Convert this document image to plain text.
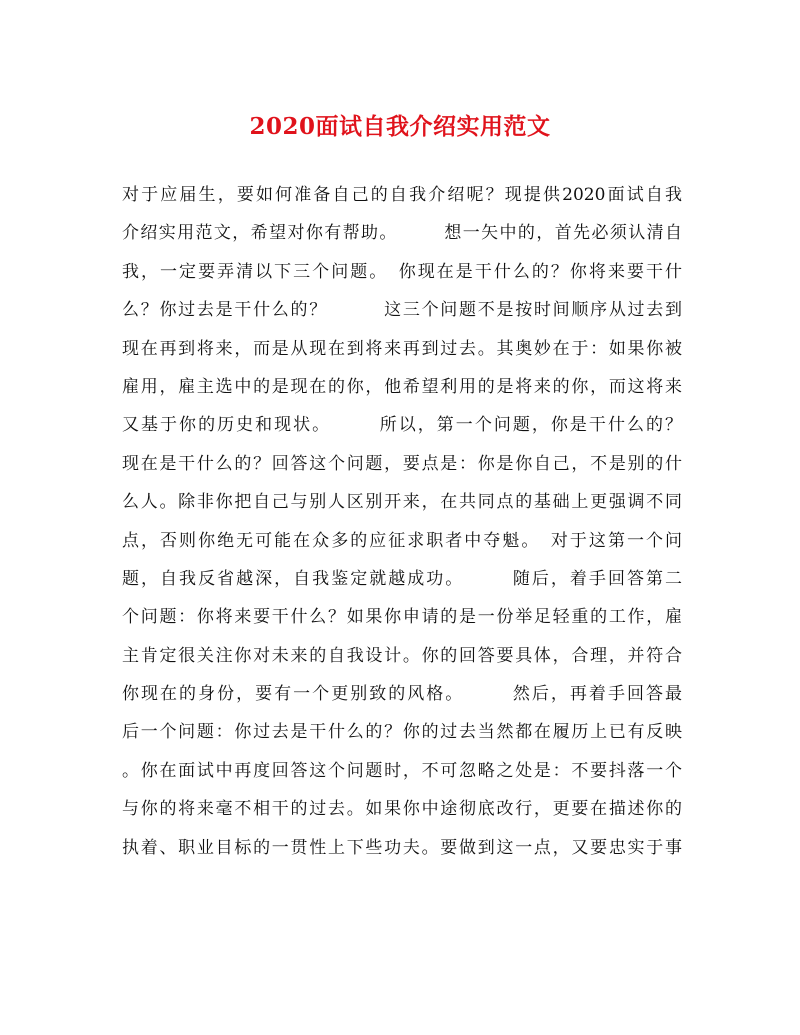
2020面试自我介绍实用范文
对于应届生，要如何准备自己的自我介绍呢？现提供2020面试自我
介绍实用范文，希望对你有帮助。　　　想一矢中的，首先必须认清自
我，一定要弄清以下三个问题。　你现在是干什么的？你将来要干什
么？你过去是干什么的？　　　这三个问题不是按时间顺序从过去到
现在再到将来，而是从现在到将来再到过去。其奥妙在于：如果你被
雇用，雇主选中的是现在的你，他希望利用的是将来的你，而这将来
又基于你的历史和现状。　　　所以，第一个问题，你是干什么的？
现在是干什么的？回答这个问题，要点是：你是你自己，不是别的什
么人。除非你把自己与别人区别开来，在共同点的基础上更强调不同
点，否则你绝无可能在众多的应征求职者中夺魁。　对于这第一个问
题，自我反省越深，自我鉴定就越成功。　　　随后，着手回答第二
个问题：你将来要干什么？如果你申请的是一份举足轻重的工作，雇
主肯定很关注你对未来的自我设计。你的回答要具体，合理，并符合
你现在的身份，要有一个更别致的风格。　　　然后，再着手回答最
后一个问题：你过去是干什么的？你的过去当然都在履历上已有反映
。你在面试中再度回答这个问题时，不可忽略之处是：不要抖落一个
与你的将来毫不相干的过去。如果你中途彻底改行，更要在描述你的
执着、职业目标的一贯性上下些功夫。要做到这一点，又要忠实于事
